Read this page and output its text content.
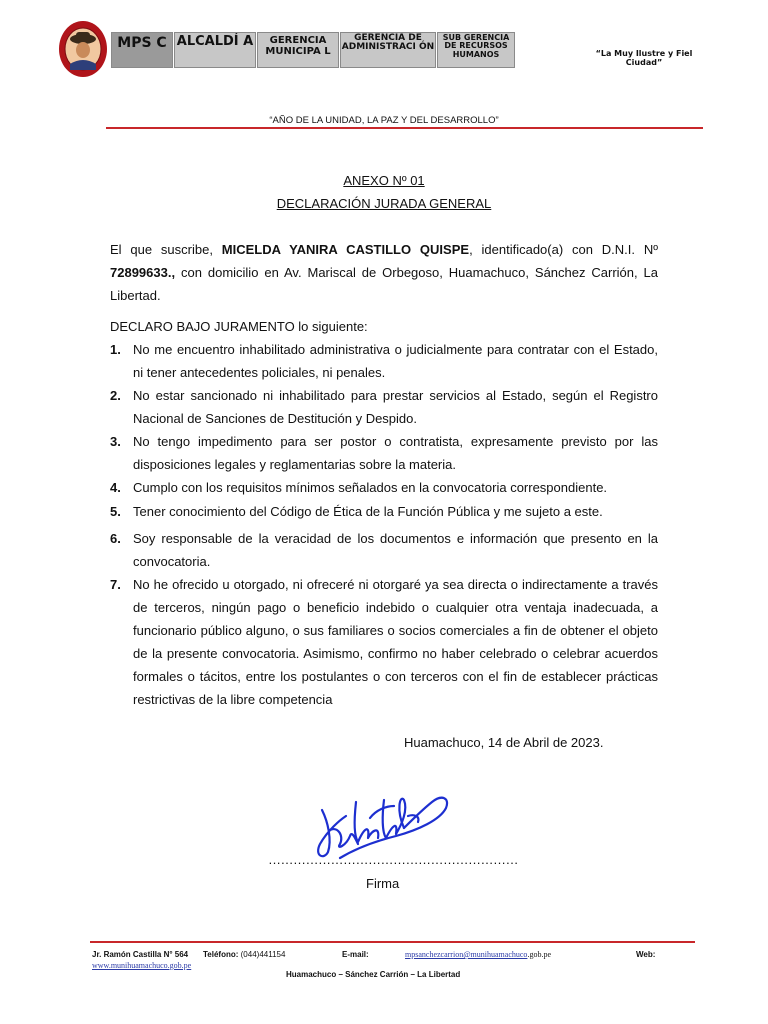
MPS C ALCALDÍ A	GERENCIA MUNICIPA L
GERENCIA DE ADMINISTRACI ÓN
SUB GERENCIA DE RECURSOS HUMANOS	“La Muy Ilustre y Fiel Ciudad”
“AÑO DE LA UNIDAD, LA PAZ Y DEL DESARROLLO”
ANEXO Nº 01
DECLARACIÓN JURADA GENERAL
El que suscribe, MICELDA YANIRA CASTILLO QUISPE, identificado(a) con D.N.I. Nº 72899633., con domicilio en Av. Mariscal de Orbegoso, Huamachuco, Sánchez Carrión, La Libertad.
DECLARO BAJO JURAMENTO lo siguiente:
1. No me encuentro inhabilitado administrativa o judicialmente para contratar con el Estado, ni tener antecedentes policiales, ni penales.
2. No estar sancionado ni inhabilitado para prestar servicios al Estado, según el Registro Nacional de Sanciones de Destitución y Despido.
3. No tengo impedimento para ser postor o contratista, expresamente previsto por las disposiciones legales y reglamentarias sobre la materia.
4. Cumplo con los requisitos mínimos señalados en la convocatoria correspondiente.
5. Tener conocimiento del Código de Ética de la Función Pública y me sujeto a este.
6. Soy responsable de la veracidad de los documentos e información que presento en la convocatoria.
7. No he ofrecido u otorgado, ni ofreceré ni otorgaré ya sea directa o indirectamente a través de terceros, ningún pago o beneficio indebido o cualquier otra ventaja inadecuada, a funcionario público alguno, o sus familiares o socios comerciales a fin de obtener el objeto de la presente convocatoria. Asimismo, confirmo no haber celebrado o celebrar acuerdos formales o tácitos, entre los postulantes o con terceros con el fin de establecer prácticas restrictivas de la libre competencia
Huamachuco, 14 de Abril de 2023.
……………………………………………………
Firma
Jr. Ramón Castilla N° 564 Teléfono: (044)441154	E-mail:	mpsanchezcarrion@munihuamachuco.gob.pe	Web:
www.munihuamachuco.gob.pe
Huamachuco – Sánchez Carrión – La Libertad
